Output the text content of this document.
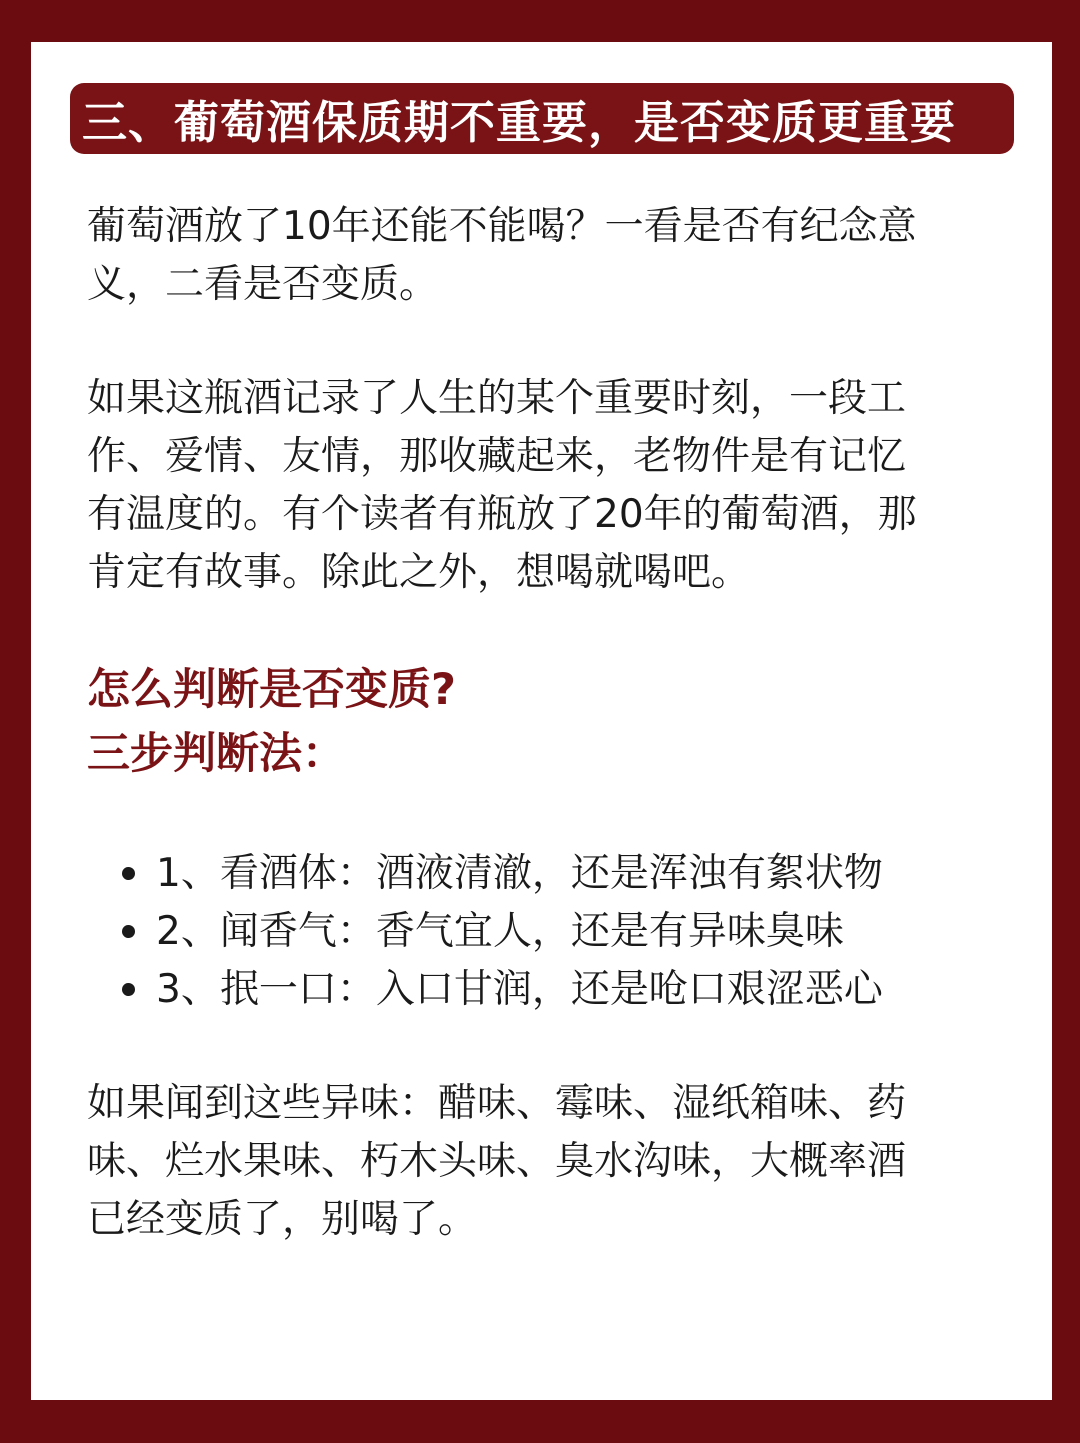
三、葡萄酒保质期不重要，是否变质更重要

葡萄酒放了10年还能不能喝？一看是否有纪念意
义，二看是否变质。

如果这瓶酒记录了人生的某个重要时刻，一段工
作、爱情、友情，那收藏起来，老物件是有记忆
有温度的。有个读者有瓶放了20年的葡萄酒，那
肯定有故事。除此之外，想喝就喝吧。

怎么判断是否变质?
三步判断法：
1、看酒体：酒液清澈，还是浑浊有絮状物
2、闻香气：香气宜人，还是有异味臭味
3、抿一口：入口甘润，还是呛口艰涩恶心

如果闻到这些异味：醋味、霉味、湿纸箱味、药
味、烂水果味、朽木头味、臭水沟味，大概率酒
已经变质了，别喝了。
